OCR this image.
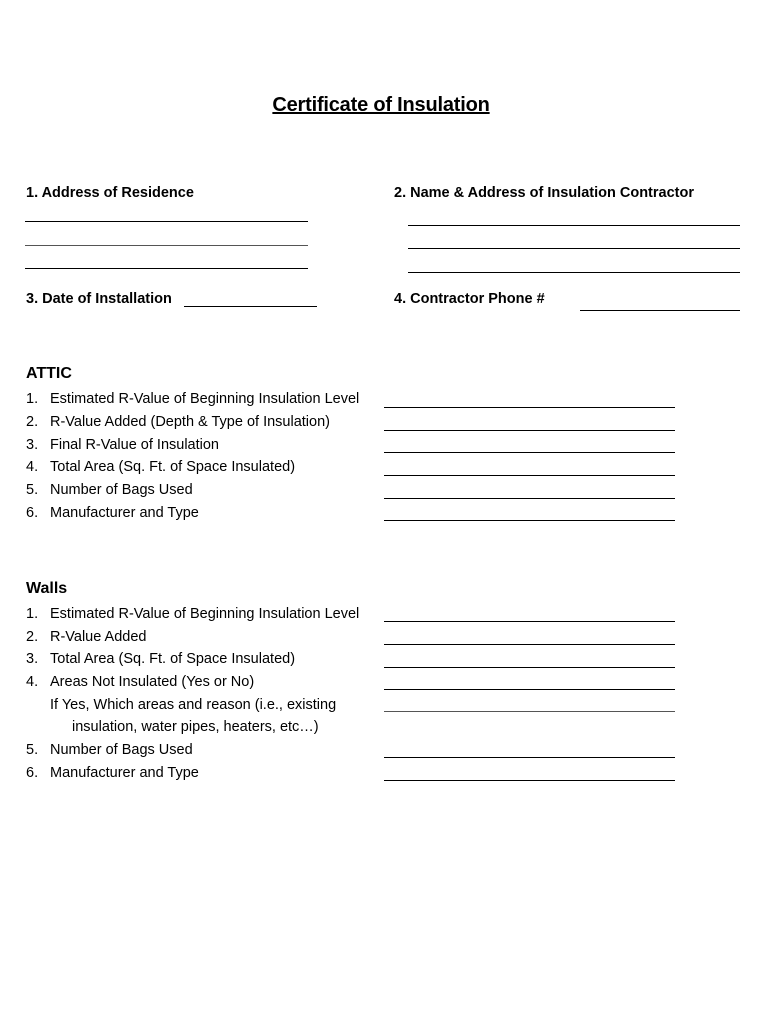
Certificate of Insulation
1. Address of Residence	2. Name & Address of Insulation Contractor
3. Date of Installation	4. Contractor Phone #
ATTIC
1. Estimated R-Value of Beginning Insulation Level
2. R-Value Added (Depth & Type of Insulation)
3. Final R-Value of Insulation
4. Total Area (Sq. Ft. of Space Insulated)
5. Number of Bags Used
6. Manufacturer and Type
Walls
1. Estimated R-Value of Beginning Insulation Level
2. R-Value Added
3. Total Area (Sq. Ft. of Space Insulated)
4. Areas Not Insulated (Yes or No)
If Yes, Which areas and reason (i.e., existing
insulation, water pipes, heaters, etc…)
5. Number of Bags Used
6. Manufacturer and Type
